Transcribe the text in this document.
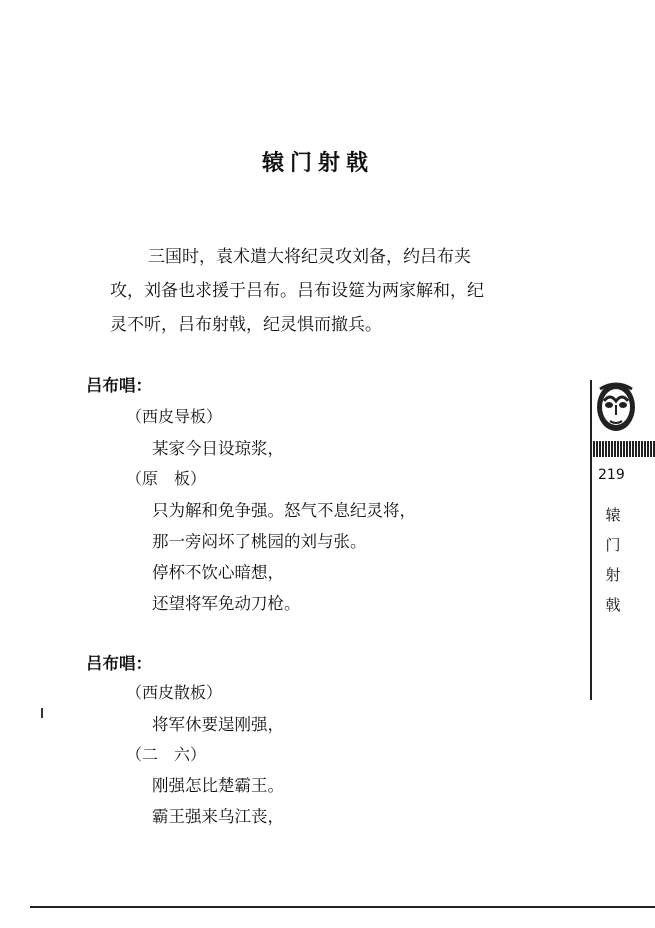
辕门射戟
三国时，袁术遣大将纪灵攻刘备，约吕布夹
攻，刘备也求援于吕布。吕布设筵为两家解和，纪
灵不听，吕布射戟，纪灵惧而撤兵。
吕布唱：
（西皮导板）
某家今日设琼浆，
（原　板）
只为解和免争强。怒气不息纪灵将，
那一旁闷坏了桃园的刘与张。
停杯不饮心暗想，
还望将军免动刀枪。
吕布唱：
（西皮散板）
将军休要逞刚强，
（二　六）
刚强怎比楚霸王。
霸王强来乌江丧，
219
辕
门
射
戟
